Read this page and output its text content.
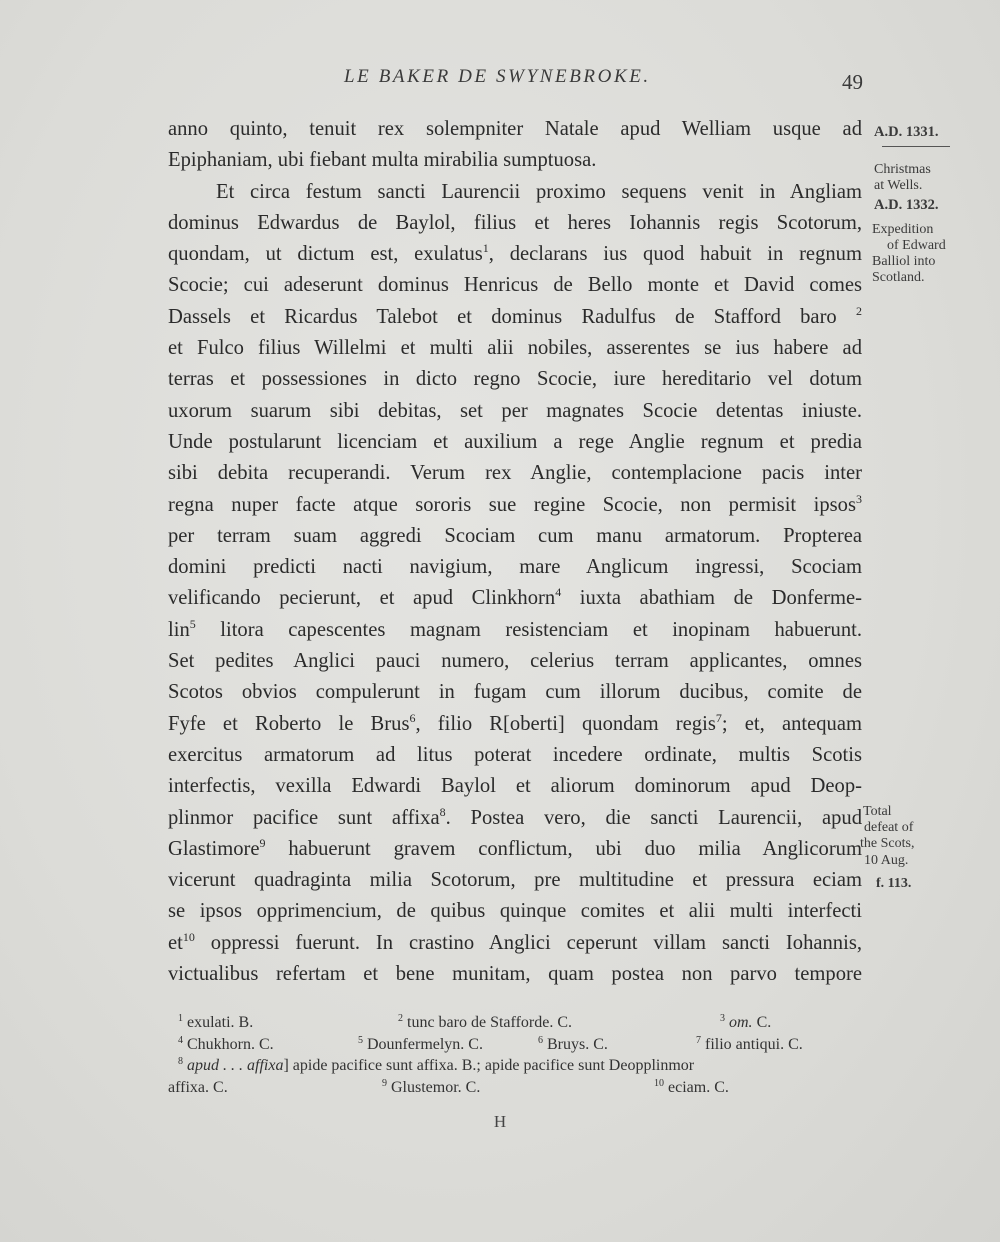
LE BAKER DE SWYNEBROKE.	49
anno quinto, tenuit rex solempniter Natale apud Welliam usque ad
Epiphaniam, ubi fiebant multa mirabilia sumptuosa.
Et circa festum sancti Laurencii proximo sequens venit in Angliam
dominus Edwardus de Baylol, filius et heres Iohannis regis Scotorum,
quondam, ut dictum est, exulatus$^1$, declarans ius quod habuit in regnum
Scocie; cui adeserunt dominus Henricus de Bello monte et David comes
Dassels et Ricardus Talebot et dominus Radulfus de Stafford baro $^2$
et Fulco filius Willelmi et multi alii nobiles, asserentes se ius habere ad
terras et possessiones in dicto regno Scocie, iure hereditario vel dotum
uxorum suarum sibi debitas, set per magnates Scocie detentas iniuste.
Unde postularunt licenciam et auxilium a rege Anglie regnum et predia
sibi debita recuperandi. Verum rex Anglie, contemplacione pacis inter
regna nuper facte atque sororis sue regine Scocie, non permisit ipsos$^3$
per terram suam aggredi Scociam cum manu armatorum. Propterea
domini predicti nacti navigium, mare Anglicum ingressi, Scociam
velificando pecierunt, et apud Clinkhorn$^4$ iuxta abathiam de Donferme-
lin$^5$ litora capescentes magnam resistenciam et inopinam habuerunt.
Set pedites Anglici pauci numero, celerius terram applicantes, omnes
Scotos obvios compulerunt in fugam cum illorum ducibus, comite de
Fyfe et Roberto le Brus$^6$, filio R[oberti] quondam regis$^7$; et, antequam
exercitus armatorum ad litus poterat incedere ordinate, multis Scotis
interfectis, vexilla Edwardi Baylol et aliorum dominorum apud Deop-
plinmor pacifice sunt affixa$^8$. Postea vero, die sancti Laurencii, apud
Glastimore$^9$ habuerunt gravem conflictum, ubi duo milia Anglicorum
vicerunt quadraginta milia Scotorum, pre multitudine et pressura eciam
se ipsos opprimencium, de quibus quinque comites et alii multi interfecti
$et^{10}$ oppressi fuerunt. In crastino Anglici ceperunt villam sancti Iohannis,
victualibus refertam et bene munitam, quam postea non parvo tempore
A.D. 1331.
Christmas
at Wells.
A.D. 1332.
Expedition
of Edward
Balliol into
Scotland.
Total
defeat of
the Scots,
10 Aug.
f. 113.
$^1$ exulati. B.	$^2$ tunc baro de Stafforde. C.	$^3$ om. C.
$^4$ Chukhorn. C.	$^5$ Dounfermelyn. C.	$^6$ Bruys. C.	$^7$ filio antiqui. C.
$^8$ apud . . . affixa] apide pacifice sunt affixa. B.; apide pacifice sunt Deopplinmor
affixa. C.	$^9$ Glustemor. C.	$^{10}$ eciam. C.
H
